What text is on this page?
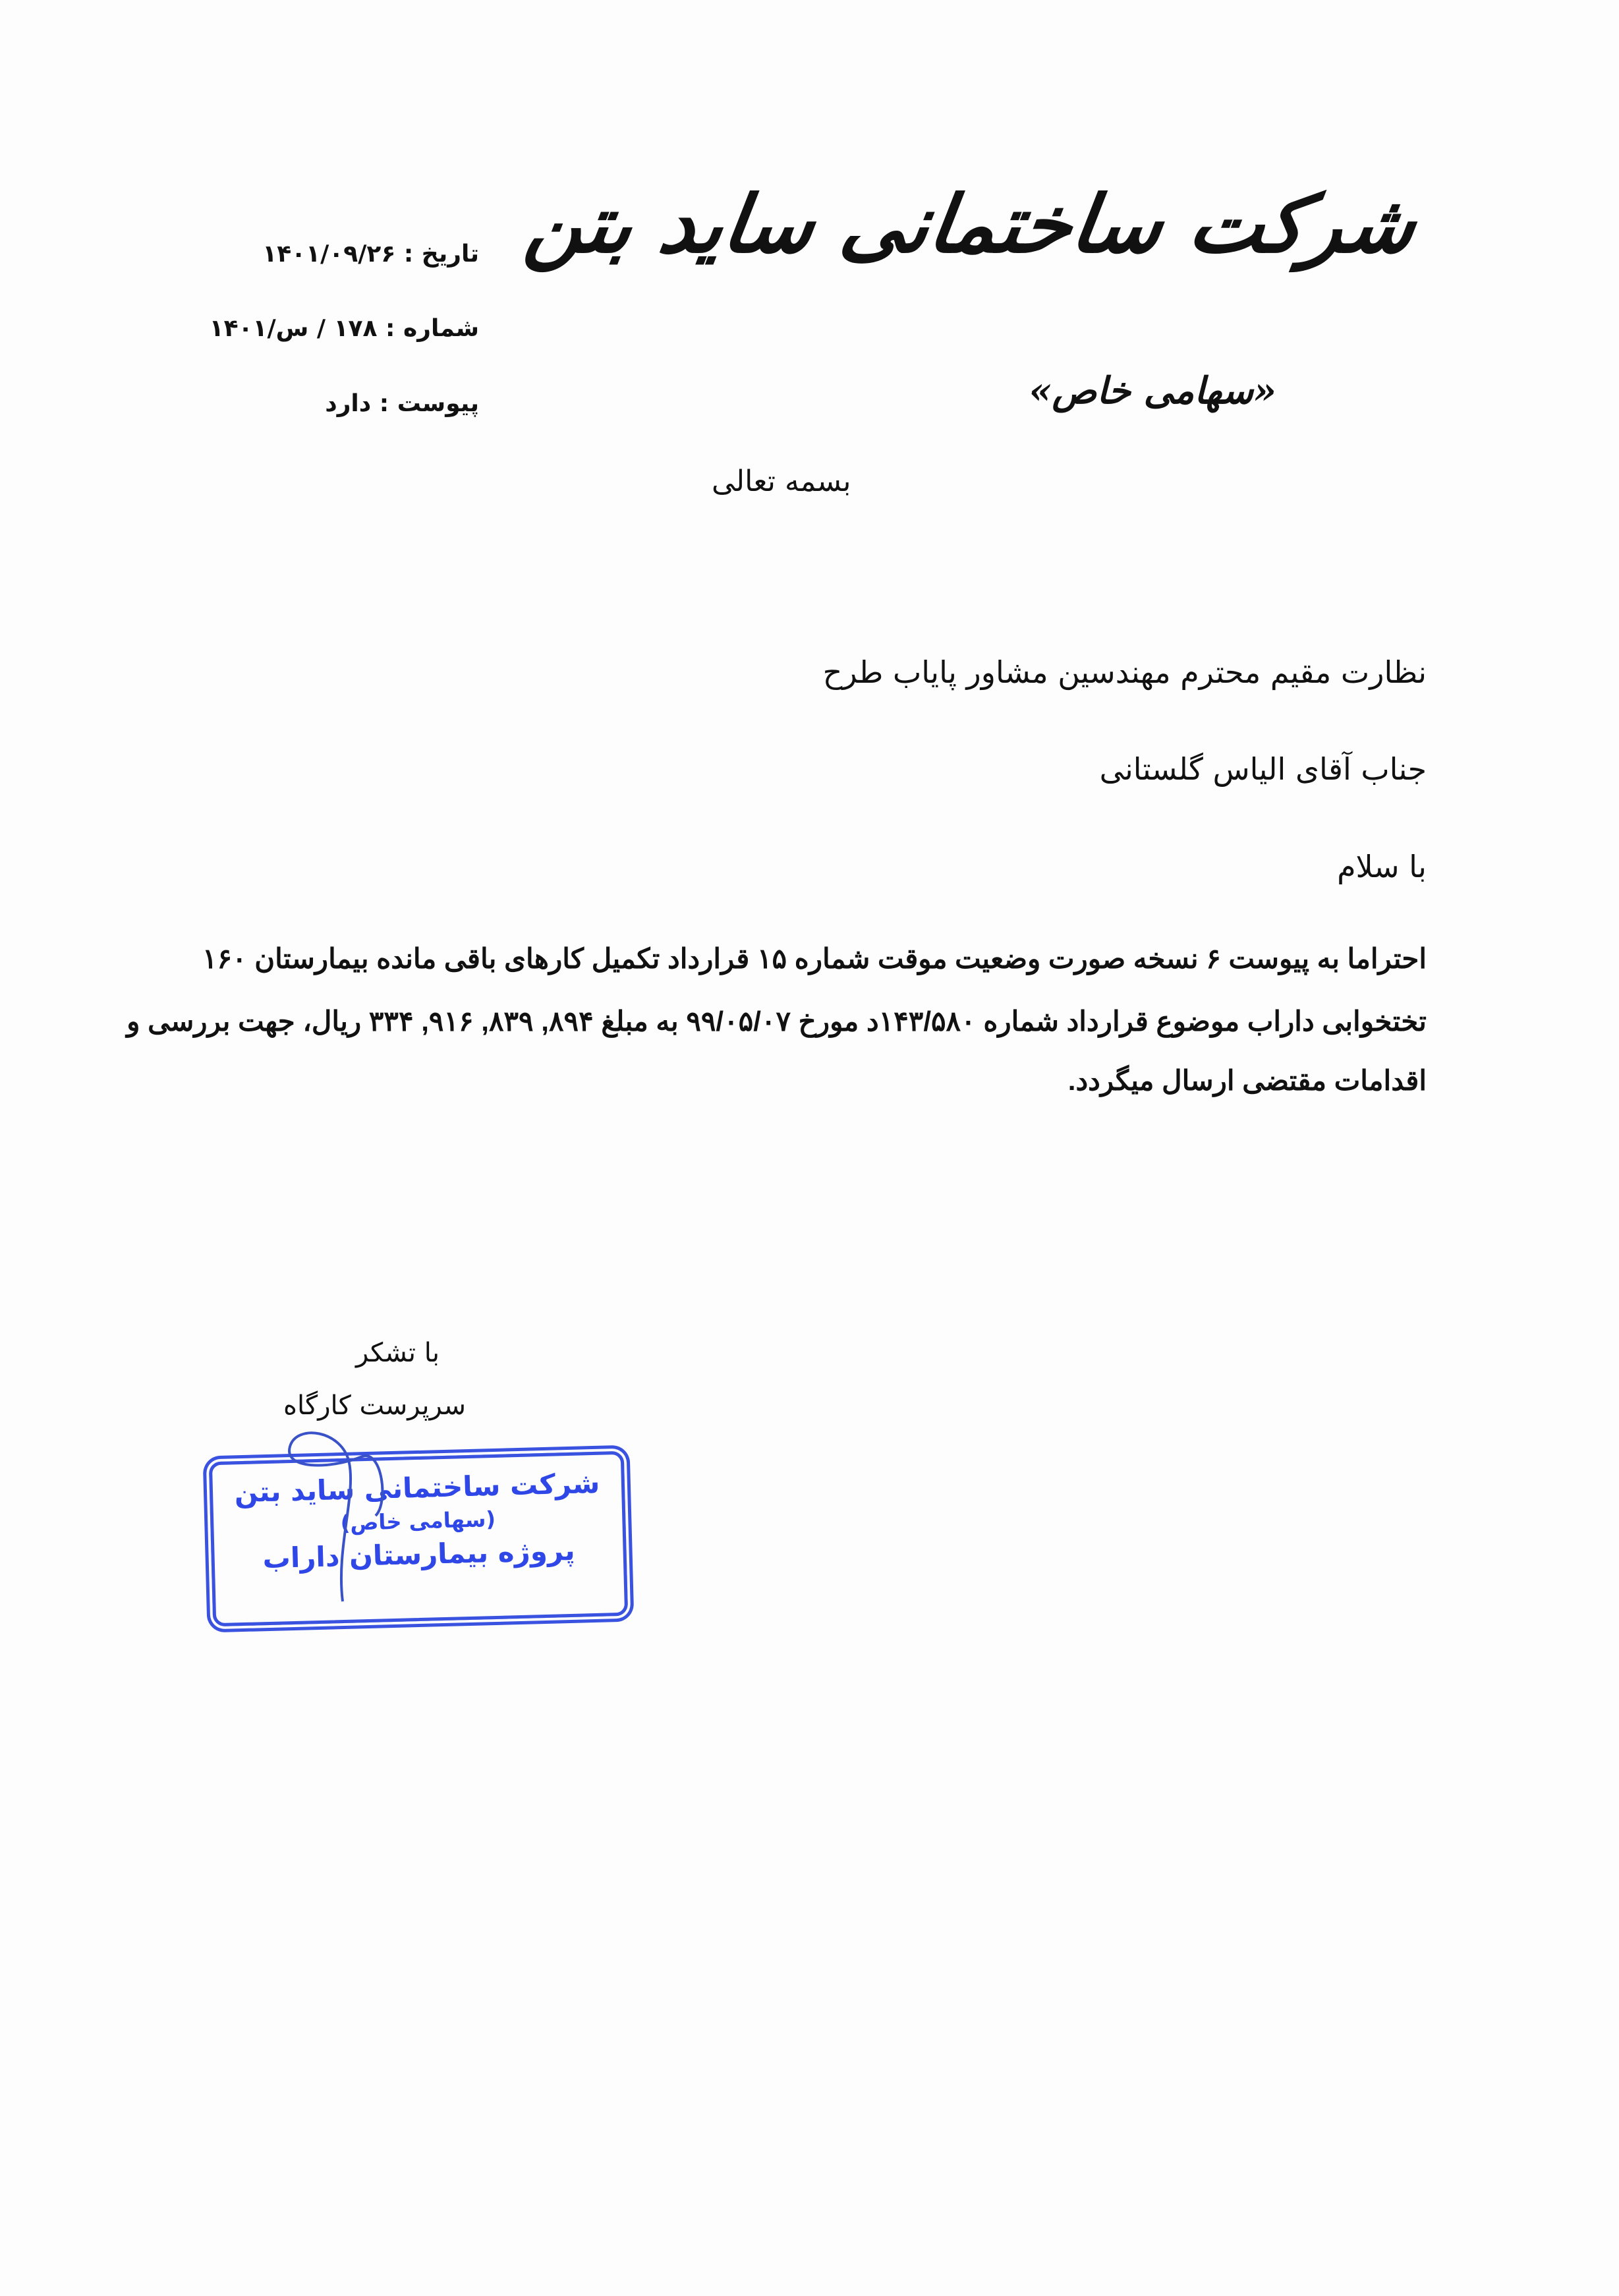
شرکت ساختمانی ساید بتن
«سهامی خاص»
تاریخ : ۱۴۰۱/۰۹/۲۶
شماره : ۱۷۸ / س/۱۴۰۱
پیوست : دارد
بسمه تعالی
نظارت مقیم محترم مهندسین مشاور پایاب طرح
جناب آقای الیاس گلستانی
با سلام
احتراما به پیوست ۶ نسخه صورت وضعیت موقت شماره ۱۵ قرارداد تکمیل کارهای باقی مانده بیمارستان ۱۶۰
تختخوابی داراب موضوع قرارداد شماره ۱۴۳/۵۸۰د مورخ ۹۹/۰۵/۰۷ به مبلغ ۸۹۴, ۸۳۹, ۹۱۶, ۳۳۴ ریال، جهت بررسی و
اقدامات مقتضی ارسال میگردد.
با تشکر
سرپرست کارگاه
شرکت ساختمانی ساید بتن
(سهامی خاص)
پروژه بیمارستان داراب
